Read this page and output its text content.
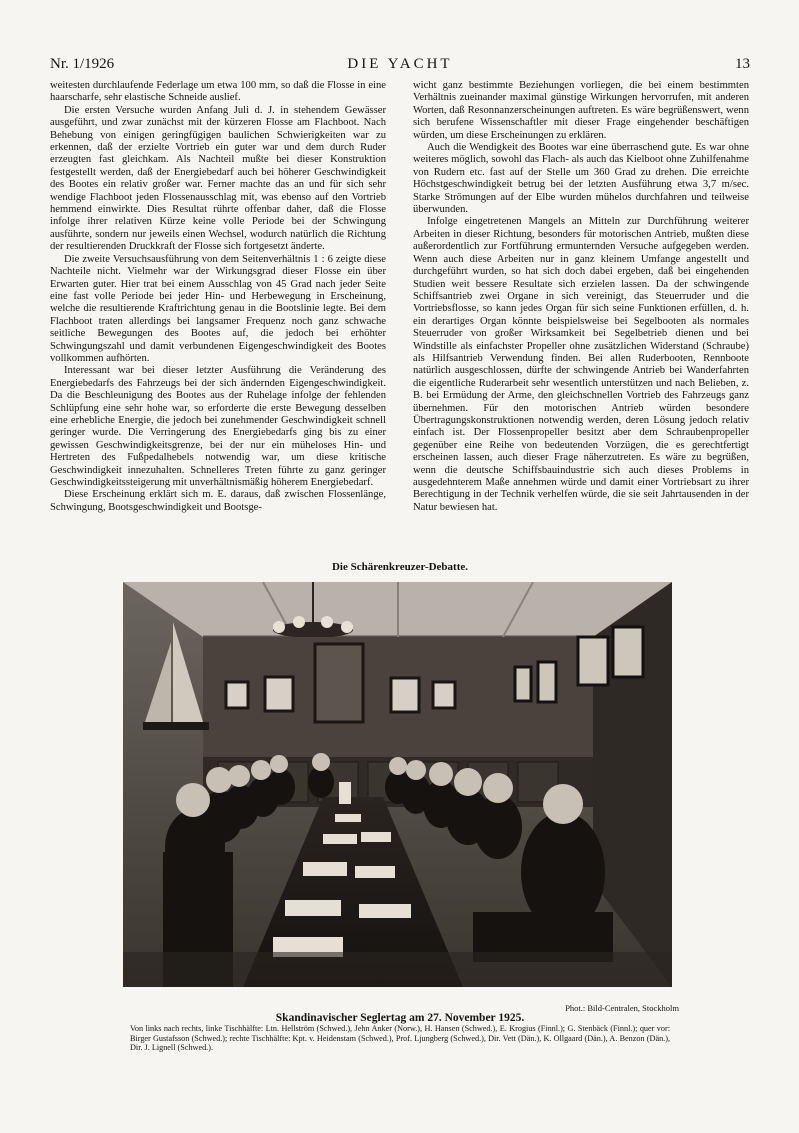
Nr. 1/1926	DIE YACHT	13

weitesten durchlaufende Federlage um etwa 100 mm, so daß die Flosse in eine haarscharfe, sehr elastische Schneide auslief.

Die ersten Versuche wurden Anfang Juli d. J. in stehendem Gewässer ausgeführt, und zwar zunächst mit der kürzeren Flosse am Flachboot. Nach Behebung von einigen geringfügigen baulichen Schwierigkeiten war zu erkennen, daß der erzielte Vortrieb ein guter war und dem durch Ruder erzeugten fast gleichkam. Als Nachteil mußte bei dieser Konstruktion festgestellt werden, daß der Energiebedarf auch bei höherer Geschwindigkeit des Bootes ein relativ großer war. Ferner machte das an und für sich sehr wendige Flachboot jeden Flossenausschlag mit, was ebenso auf den Vortrieb hemmend einwirkte. Dies Resultat rührte offenbar daher, daß die Flosse infolge ihrer relativen Kürze keine volle Periode bei der Schwingung ausführte, sondern nur jeweils einen Wechsel, wodurch natürlich die Richtung der resultierenden Druckkraft der Flosse sich fortgesetzt änderte.

Die zweite Versuchsausführung von dem Seitenverhältnis 1 : 6 zeigte diese Nachteile nicht. Vielmehr war der Wirkungsgrad dieser Flosse ein über Erwarten guter. Hier trat bei einem Ausschlag von 45 Grad nach jeder Seite eine fast volle Periode bei jeder Hin- und Herbewegung in Erscheinung, welche die resultierende Kraftrichtung genau in die Bootslinie legte. Bei dem Flachboot traten allerdings bei langsamer Frequenz noch ganz schwache seitliche Bewegungen des Bootes auf, die jedoch bei erhöhter Schwingungszahl und damit verbundenen Eigengeschwindigkeit des Bootes vollkommen aufhörten.

Interessant war bei dieser letzter Ausführung die Veränderung des Energiebedarfs des Fahrzeugs bei der sich ändernden Eigengeschwindigkeit. Da die Beschleunigung des Bootes aus der Ruhelage infolge der fehlenden Schlüpfung eine sehr hohe war, so erforderte die erste Bewegung desselben eine erhebliche Energie, die jedoch bei zunehmender Geschwindigkeit schnell geringer wurde. Die Verringerung des Energiebedarfs ging bis zu einer gewissen Geschwindigkeitsgrenze, bei der nur ein müheloses Hin- und Hertreten des Fußpedalhebels notwendig war, um diese kritische Geschwindigkeit innezuhalten. Schnelleres Treten führte zu ganz geringer Geschwindigkeitssteigerung mit unverhältnismäßig höherem Energiebedarf.

Diese Erscheinung erklärt sich m. E. daraus, daß zwischen Flossenlänge, Schwingung, Bootsgeschwindigkeit und Bootsge-

wicht ganz bestimmte Beziehungen vorliegen, die bei einem bestimmten Verhältnis zueinander maximal günstige Wirkungen hervorrufen, mit anderen Worten, daß Resonnanzerscheinungen auftreten. Es wäre begrüßenswert, wenn sich berufene Wissenschaftler mit dieser Frage eingehender beschäftigen würden, um diese Erscheinungen zu erklären.

Auch die Wendigkeit des Bootes war eine überraschend gute. Es war ohne weiteres möglich, sowohl das Flach- als auch das Kielboot ohne Zuhilfenahme von Rudern etc. fast auf der Stelle um 360 Grad zu drehen. Die erreichte Höchstgeschwindigkeit betrug bei der letzten Ausführung etwa 3,7 m/sec. Starke Strömungen auf der Elbe wurden mühelos durchfahren und teilweise überwunden.

Infolge eingetretenen Mangels an Mitteln zur Durchführung weiterer Arbeiten in dieser Richtung, besonders für motorischen Antrieb, mußten diese außerordentlich zur Fortführung ermunternden Versuche aufgegeben werden. Wenn auch diese Arbeiten nur in ganz kleinem Umfange angestellt und durchgeführt wurden, so hat sich doch dabei ergeben, daß bei eingehenden Studien weit bessere Resultate sich erzielen lassen. Da der schwingende Schiffsantrieb zwei Organe in sich vereinigt, das Steuerruder und die Vortriebsflosse, so kann jedes Organ für sich seine Funktionen erfüllen, d. h. ein derartiges Organ könnte beispielsweise bei Segelbooten als normales Steuerruder von großer Wirksamkeit bei Segelbetrieb dienen und bei Windstille als einfachster Propeller ohne zusätzlichen Widerstand (Schraube) als Hilfsantrieb Verwendung finden. Bei allen Ruderbooten, Rennboote natürlich ausgeschlossen, dürfte der schwingende Antrieb bei Wanderfahrten die eigentliche Ruderarbeit sehr wesentlich unterstützen und nach Belieben, z. B. bei Ermüdung der Arme, den gleichschnellen Vortrieb des Fahrzeugs ganz übernehmen. Für den motorischen Antrieb würden besondere Übertragungskonstruktionen notwendig werden, deren Lösung jedoch relativ einfach ist. Der Flossenpropeller besitzt aber dem Schraubenpropeller gegenüber eine Reihe von bedeutenden Vorzügen, die es gerechtfertigt erscheinen lassen, auch dieser Frage näherzutreten. Es wäre zu begrüßen, wenn die deutsche Schiffsbauindustrie sich auch dieses Problems in ausgedehnterem Maße annehmen würde und damit einer Vortriebsart zu ihrer Berechtigung in der Technik verhelfen würde, die sie seit Jahrtausenden in der Natur bewiesen hat.

Die Schärenkreuzer-Debatte.
Phot.: Bild-Centralen, Stockholm
Skandinavischer Seglertag am 27. November 1925.
Von links nach rechts, linke Tischhälfte: Ltn. Hellström (Schwed.), Jehn Anker (Norw.), H. Hansen (Schwed.), E. Krogius (Finnl.); G. Stenbäck (Finnl.); quer vor: Birger Gustafsson (Schwed.); rechte Tischhälfte: Kpt. v. Heidenstam (Schwed.), Prof. Ljungberg (Schwed.), Dir. Vett (Dän.), K. Ollgaard (Dän.), A. Benzon (Dän.), Dir. J. Lignell (Schwed.).
